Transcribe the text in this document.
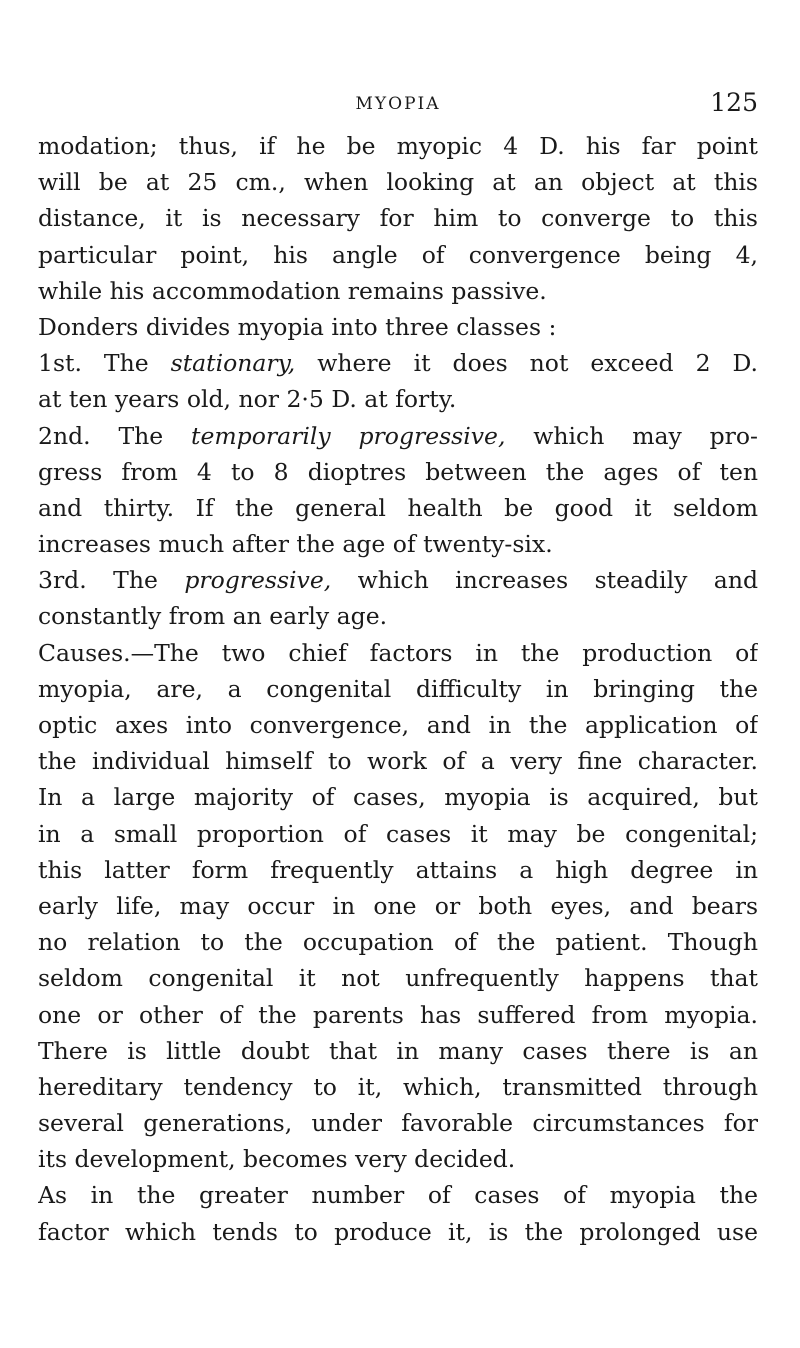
MYOPIA	125
modation; thus, if he be myopic 4 D. his far point
will be at 25 cm., when looking at an object at this
distance, it is necessary for him to converge to this
particular point, his angle of convergence being 4,
while his accommodation remains passive.
Donders divides myopia into three classes :
1st. The stationary, where it does not exceed 2 D.
at ten years old, nor 2·5 D. at forty.
2nd. The temporarily progressive, which may pro-
gress from 4 to 8 dioptres between the ages of ten
and thirty. If the general health be good it seldom
increases much after the age of twenty-six.
3rd. The progressive, which increases steadily and
constantly from an early age.
Causes.—The two chief factors in the production of
myopia, are, a congenital difficulty in bringing the
optic axes into convergence, and in the application of
the individual himself to work of a very fine character.
In a large majority of cases, myopia is acquired, but
in a small proportion of cases it may be congenital;
this latter form frequently attains a high degree in
early life, may occur in one or both eyes, and bears
no relation to the occupation of the patient. Though
seldom congenital it not unfrequently happens that
one or other of the parents has suffered from myopia.
There is little doubt that in many cases there is an
hereditary tendency to it, which, transmitted through
several generations, under favorable circumstances for
its development, becomes very decided.
As in the greater number of cases of myopia the
factor which tends to produce it, is the prolonged use
